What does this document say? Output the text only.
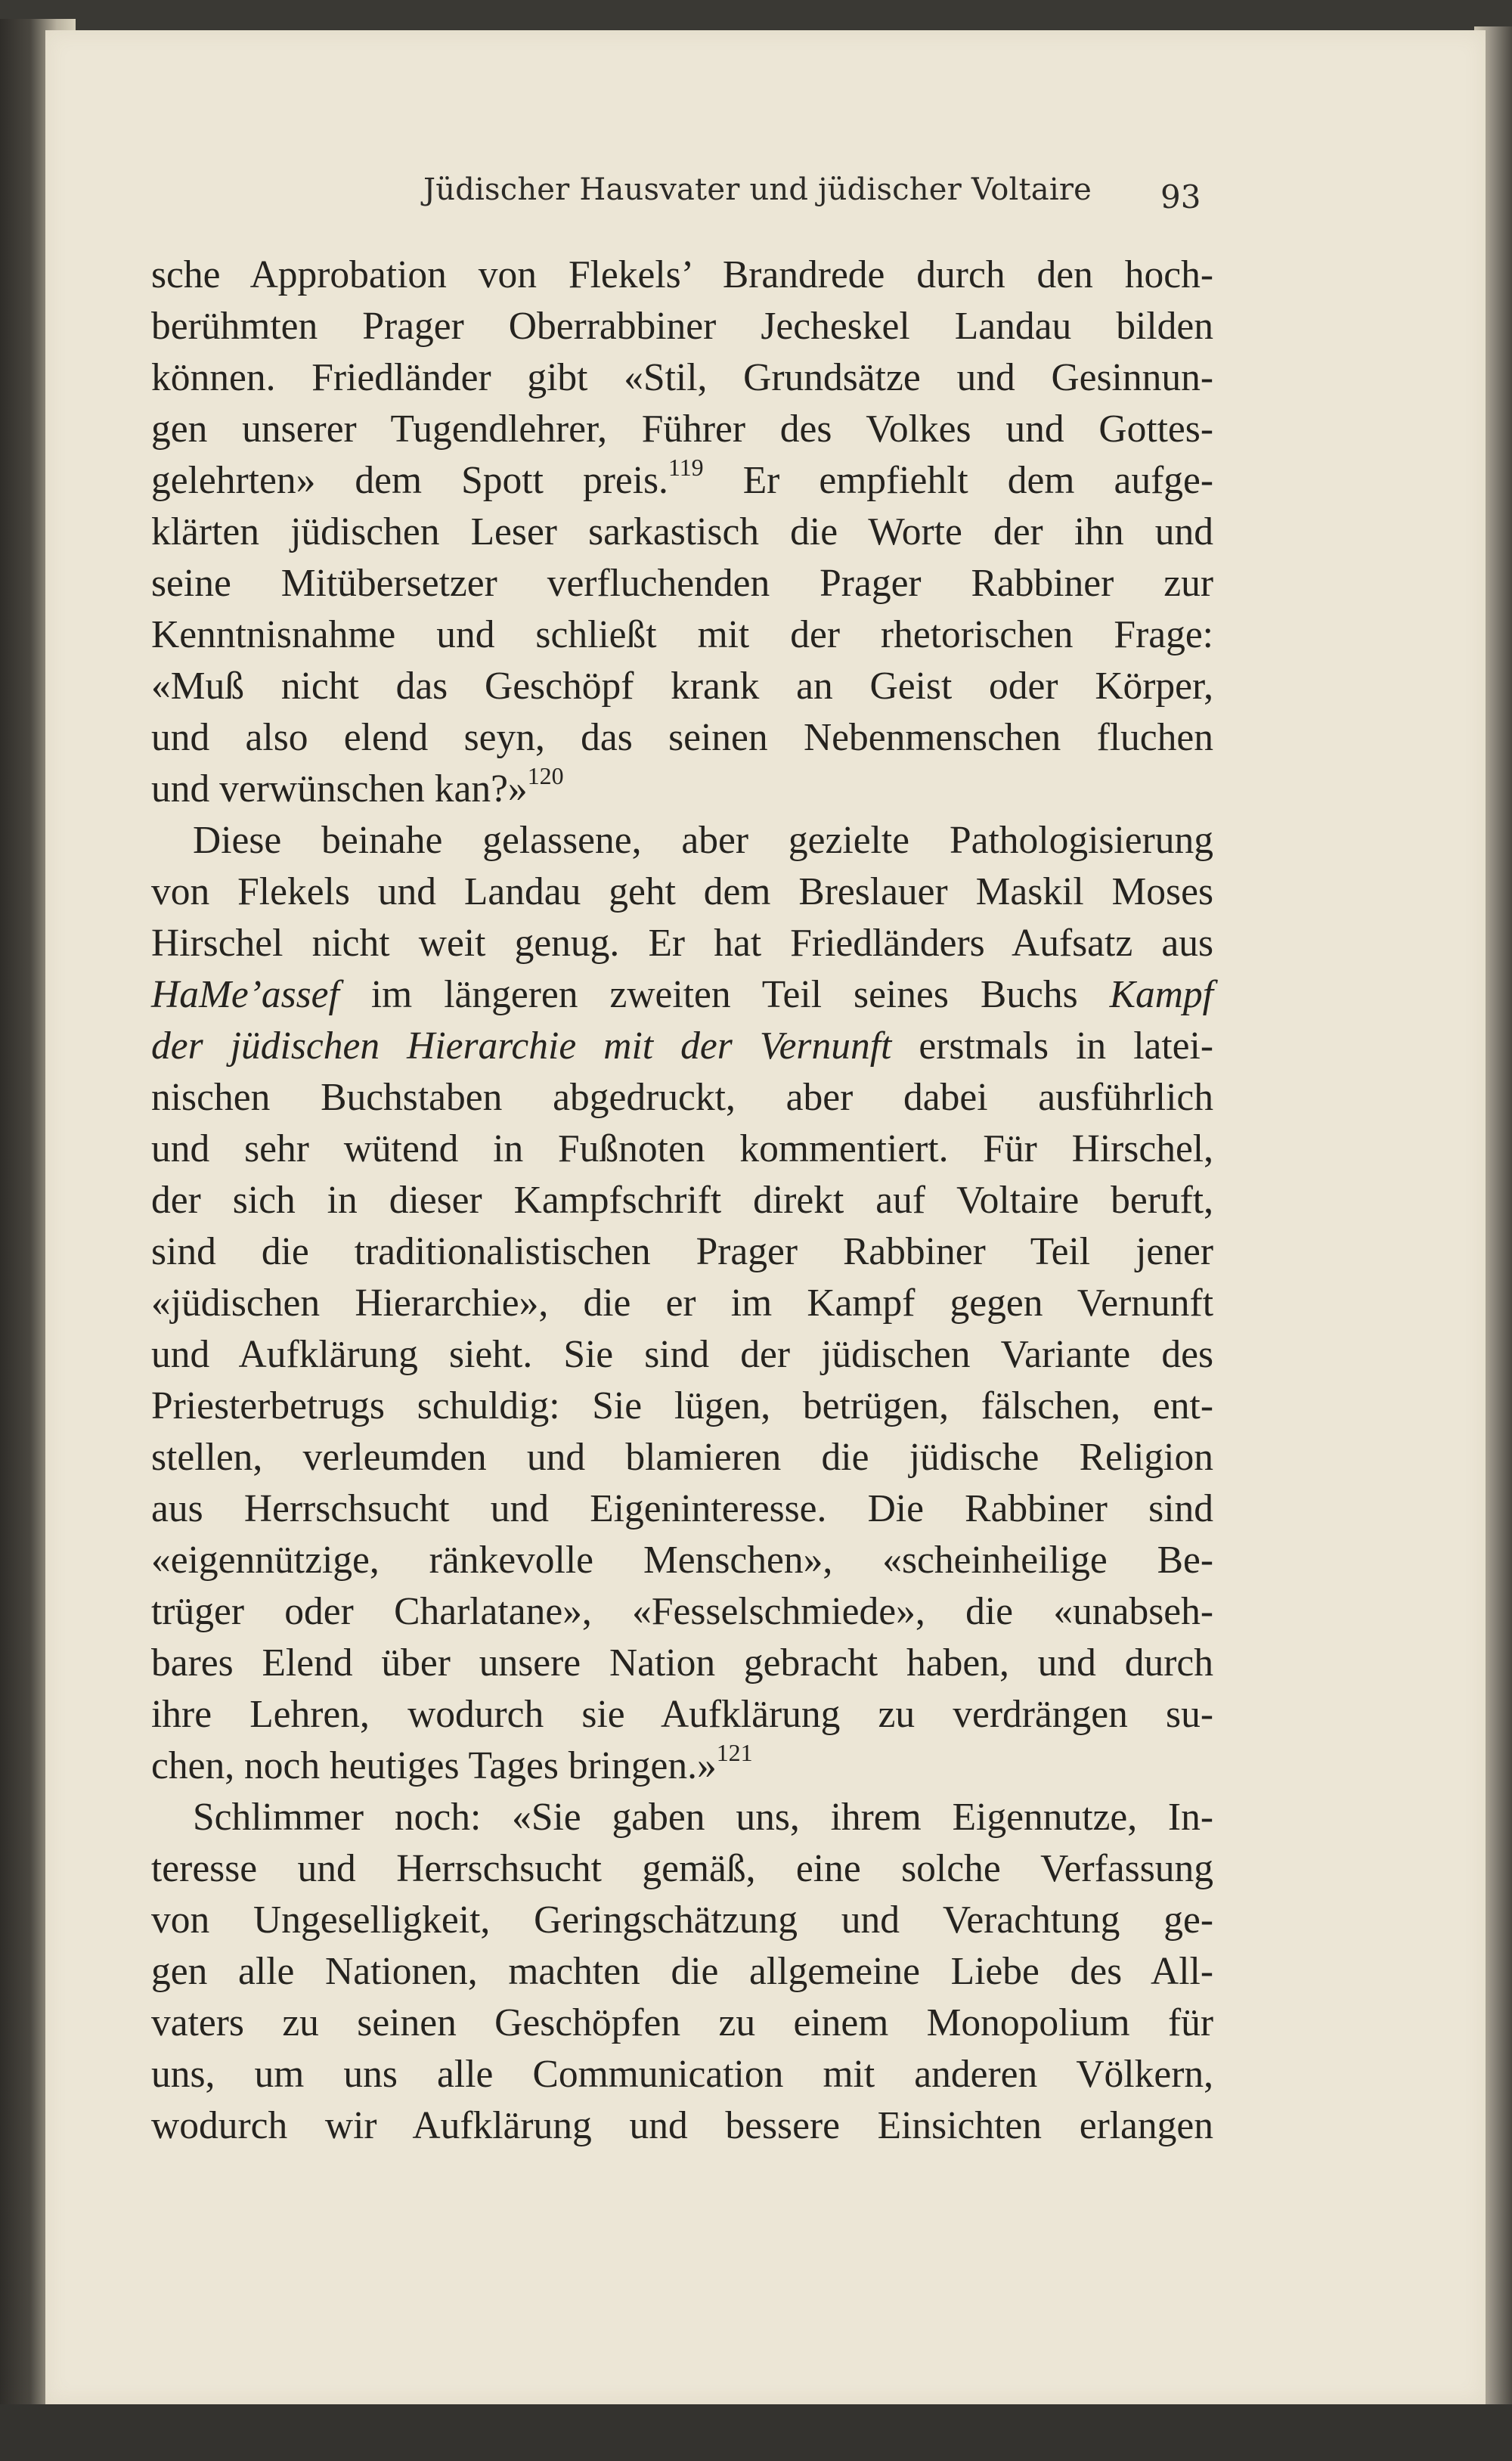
Jüdischer Hausvater und jüdischer Voltaire 93
sche Approbation von Flekels’ Brandrede durch den hoch-
berühmten Prager Oberrabbiner Jecheskel Landau bilden
können. Friedländer gibt «Stil, Grundsätze und Gesinnun-
gen unserer Tugendlehrer, Führer des Volkes und Gottes-
gelehrten» dem Spott preis.$^{119}$ Er empfiehlt dem aufge-
klärten jüdischen Leser sarkastisch die Worte der ihn und
seine Mitübersetzer verfluchenden Prager Rabbiner zur
Kenntnisnahme und schließt mit der rhetorischen Frage:
«Muß nicht das Geschöpf krank an Geist oder Körper,
und also elend seyn, das seinen Nebenmenschen fluchen
und verwünschen kan?»$^{120}$
Diese beinahe gelassene, aber gezielte Pathologisierung
von Flekels und Landau geht dem Breslauer Maskil Moses
Hirschel nicht weit genug. Er hat Friedländers Aufsatz aus
HaMe’assef im längeren zweiten Teil seines Buchs Kampf
der jüdischen Hierarchie mit der Vernunft erstmals in latei-
nischen Buchstaben abgedruckt, aber dabei ausführlich
und sehr wütend in Fußnoten kommentiert. Für Hirschel,
der sich in dieser Kampfschrift direkt auf Voltaire beruft,
sind die traditionalistischen Prager Rabbiner Teil jener
«jüdischen Hierarchie», die er im Kampf gegen Vernunft
und Aufklärung sieht. Sie sind der jüdischen Variante des
Priesterbetrugs schuldig: Sie lügen, betrügen, fälschen, ent-
stellen, verleumden und blamieren die jüdische Religion
aus Herrschsucht und Eigeninteresse. Die Rabbiner sind
«eigennützige, ränkevolle Menschen», «scheinheilige Be-
trüger oder Charlatane», «Fesselschmiede», die «unabseh-
bares Elend über unsere Nation gebracht haben, und durch
ihre Lehren, wodurch sie Aufklärung zu verdrängen su-
chen, noch heutiges Tages bringen.»$^{121}$
Schlimmer noch: «Sie gaben uns, ihrem Eigennutze, In-
teresse und Herrschsucht gemäß, eine solche Verfassung
von Ungeselligkeit, Geringschätzung und Verachtung ge-
gen alle Nationen, machten die allgemeine Liebe des All-
vaters zu seinen Geschöpfen zu einem Monopolium für
uns, um uns alle Communication mit anderen Völkern,
wodurch wir Aufklärung und bessere Einsichten erlangen
